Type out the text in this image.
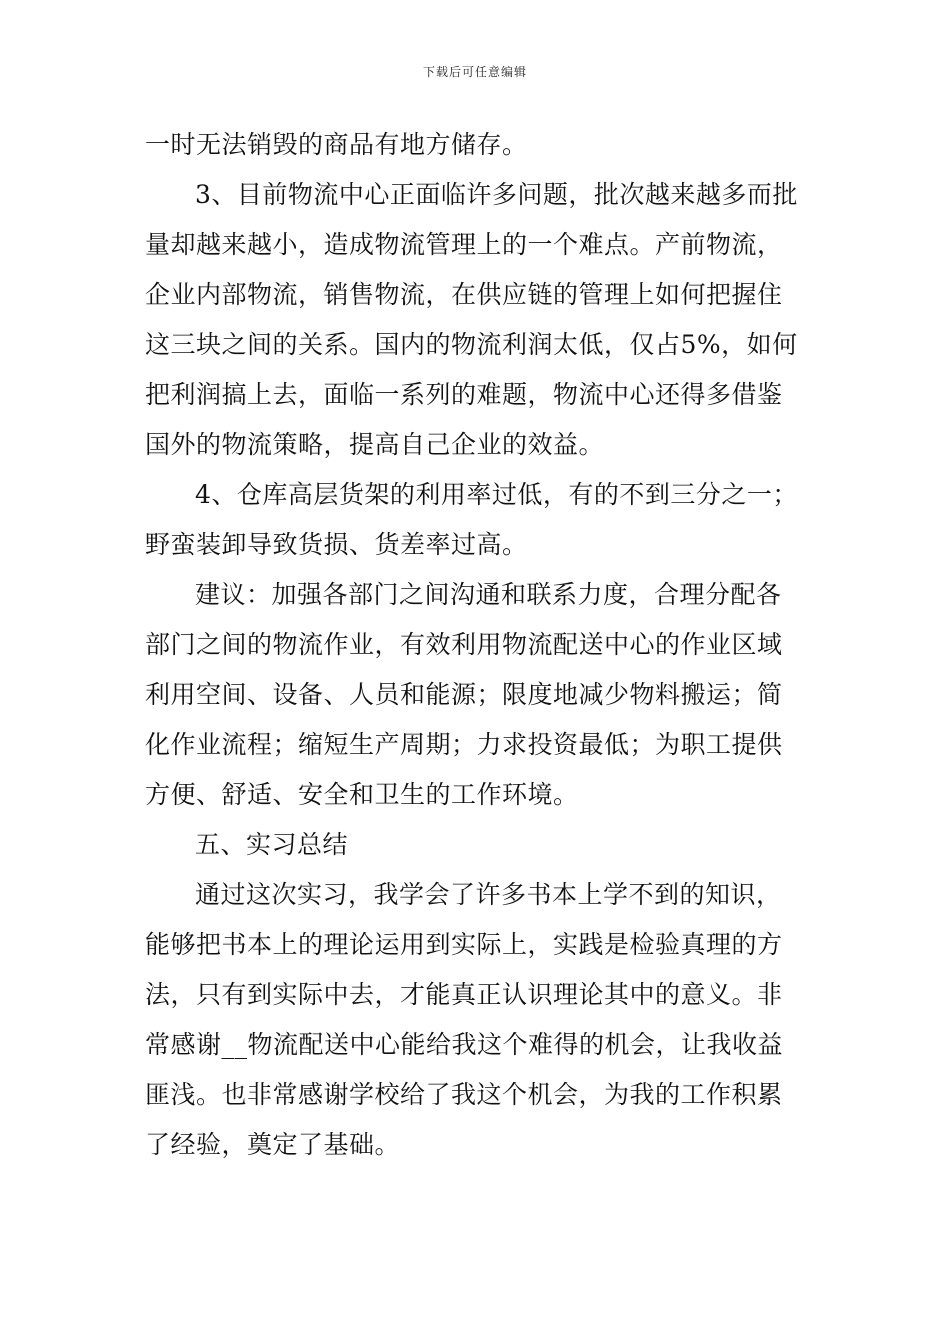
下载后可任意编辑
一时无法销毁的商品有地方储存。
3、目前物流中心正面临许多问题，批次越来越多而批
量却越来越小，造成物流管理上的一个难点。产前物流，
企业内部物流，销售物流，在供应链的管理上如何把握住
这三块之间的关系。国内的物流利润太低，仅占5%，如何
把利润搞上去，面临一系列的难题，物流中心还得多借鉴
国外的物流策略，提高自己企业的效益。
4、仓库高层货架的利用率过低，有的不到三分之一；
野蛮装卸导致货损、货差率过高。
建议：加强各部门之间沟通和联系力度，合理分配各
部门之间的物流作业，有效利用物流配送中心的作业区域
利用空间、设备、人员和能源；限度地减少物料搬运；简
化作业流程；缩短生产周期；力求投资最低；为职工提供
方便、舒适、安全和卫生的工作环境。
五、实习总结
通过这次实习，我学会了许多书本上学不到的知识，
能够把书本上的理论运用到实际上，实践是检验真理的方
法，只有到实际中去，才能真正认识理论其中的意义。非
常感谢__物流配送中心能给我这个难得的机会，让我收益
匪浅。也非常感谢学校给了我这个机会，为我的工作积累
了经验，奠定了基础。
